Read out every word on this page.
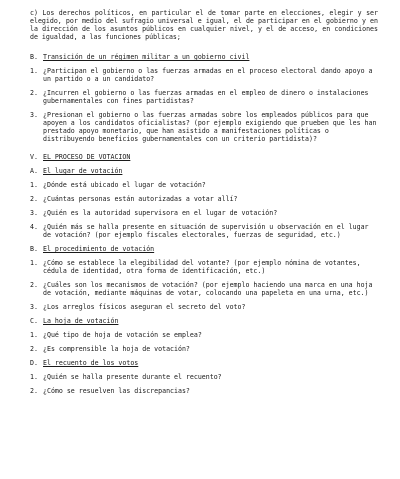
c) Los derechos políticos, en particular el de tomar parte en elecciones, elegir y ser elegido, por medio del sufragio universal e igual, el de participar en el gobierno y en la dirección de los asuntos públicos en cualquier nivel, y el de acceso, en condiciones de igualdad, a las funciones públicas;

B. Transición de un régimen militar a un gobierno civil
1. ¿Participan el gobierno o las fuerzas armadas en el proceso electoral dando apoyo a un partido o a un candidato?
2. ¿Incurren el gobierno o las fuerzas armadas en el empleo de dinero o instalaciones gubernamentales con fines partidistas?
3. ¿Presionan el gobierno o las fuerzas armadas sobre los empleados públicos para que apoyen a los candidatos oficialistas? (por ejemplo exigiendo que prueben que les han prestado apoyo monetario, que han asistido a manifestaciones políticas o distribuyendo beneficios gubernamentales con un criterio partidista)?
V. EL PROCESO DE VOTACION
A. El lugar de votación
1. ¿Dónde está ubicado el lugar de votación?
2. ¿Cuántas personas están autorizadas a votar allí?
3. ¿Quién es la autoridad supervisora en el lugar de votación?
4. ¿Quién más se halla presente en situación de supervisión u observación en el lugar de votación? (por ejemplo fiscales electorales, fuerzas de seguridad, etc.)
B. El procedimiento de votación
1. ¿Cómo se establece la elegibilidad del votante? (por ejemplo nómina de votantes, cédula de identidad, otra forma de identificación, etc.)
2. ¿Cuáles son los mecanismos de votación? (por ejemplo haciendo una marca en una hoja de votación, mediante máquinas de votar, colocando una papeleta en una urna, etc.)
3. ¿Los arreglos físicos aseguran el secreto del voto?
C. La hoja de votación
1. ¿Qué tipo de hoja de votación se emplea?
2. ¿Es comprensible la hoja de votación?
D. El recuento de los votos
1. ¿Quién se halla presente durante el recuento?
2. ¿Cómo se resuelven las discrepancias?
